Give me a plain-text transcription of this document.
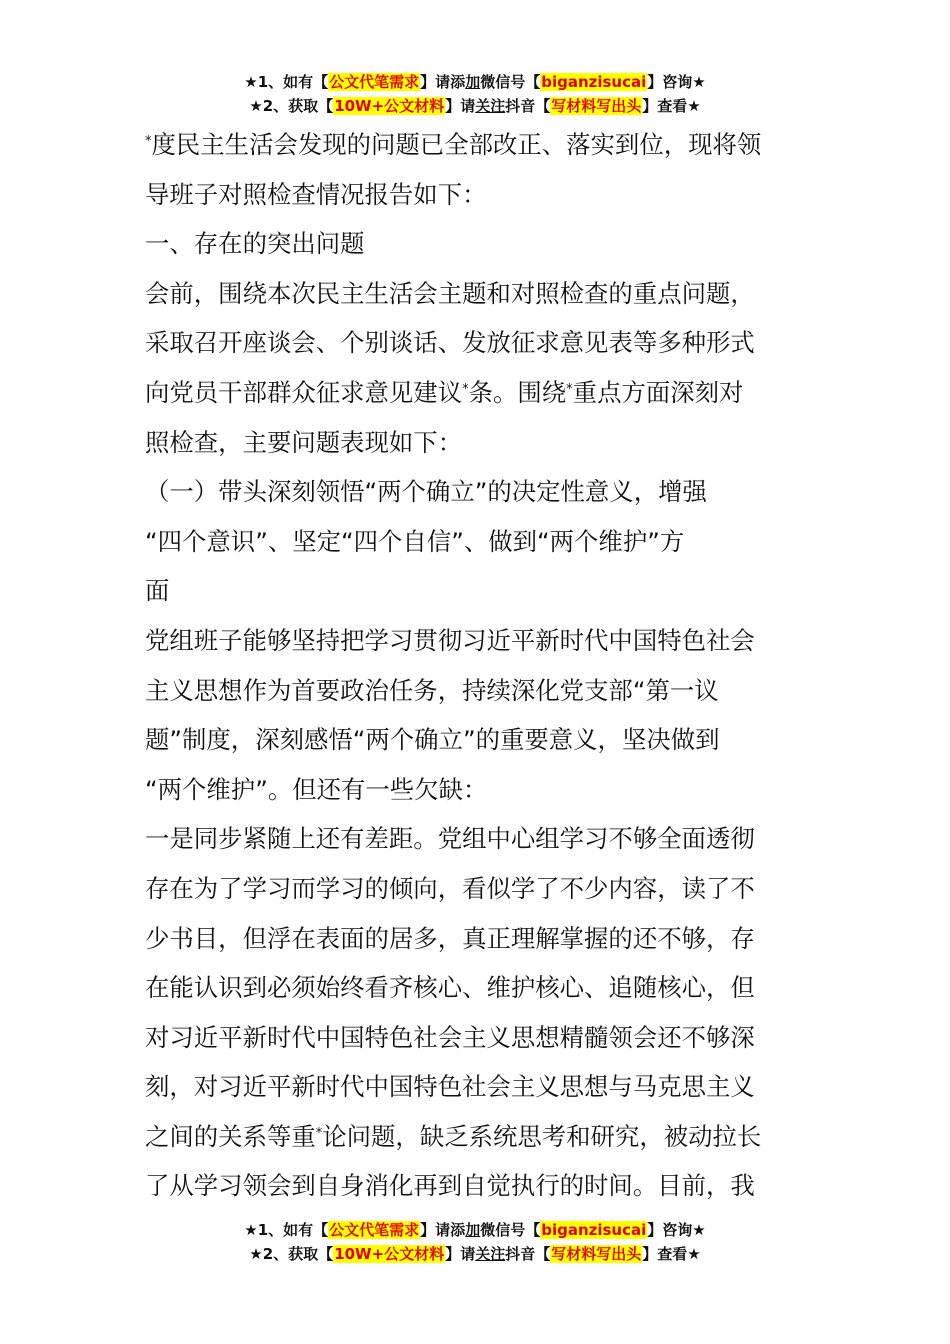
★1、如有【公文代笔需求】请添加微信号【biganzisucai】咨询★
★2、获取【10W+公文材料】请关注抖音【写材料写出头】查看★
*度民主生活会发现的问题已全部改正、落实到位，现将领
导班子对照检查情况报告如下：
一、存在的突出问题
会前，围绕本次民主生活会主题和对照检查的重点问题，
采取召开座谈会、个别谈话、发放征求意见表等多种形式
向党员干部群众征求意见建议*条。围绕*重点方面深刻对
照检查，主要问题表现如下：
（一）带头深刻领悟“两个确立”的决定性意义，增强
“四个意识”、坚定“四个自信”、做到“两个维护”方
面
党组班子能够坚持把学习贯彻习近平新时代中国特色社会
主义思想作为首要政治任务，持续深化党支部“第一议
题”制度，深刻感悟“两个确立”的重要意义，坚决做到
“两个维护”。但还有一些欠缺：
一是同步紧随上还有差距。党组中心组学习不够全面透彻
存在为了学习而学习的倾向，看似学了不少内容，读了不
少书目，但浮在表面的居多，真正理解掌握的还不够，存
在能认识到必须始终看齐核心、维护核心、追随核心，但
对习近平新时代中国特色社会主义思想精髓领会还不够深
刻，对习近平新时代中国特色社会主义思想与马克思主义
之间的关系等重*论问题，缺乏系统思考和研究，被动拉长
了从学习领会到自身消化再到自觉执行的时间。目前，我
★1、如有【公文代笔需求】请添加微信号【biganzisucai】咨询★
★2、获取【10W+公文材料】请关注抖音【写材料写出头】查看★
